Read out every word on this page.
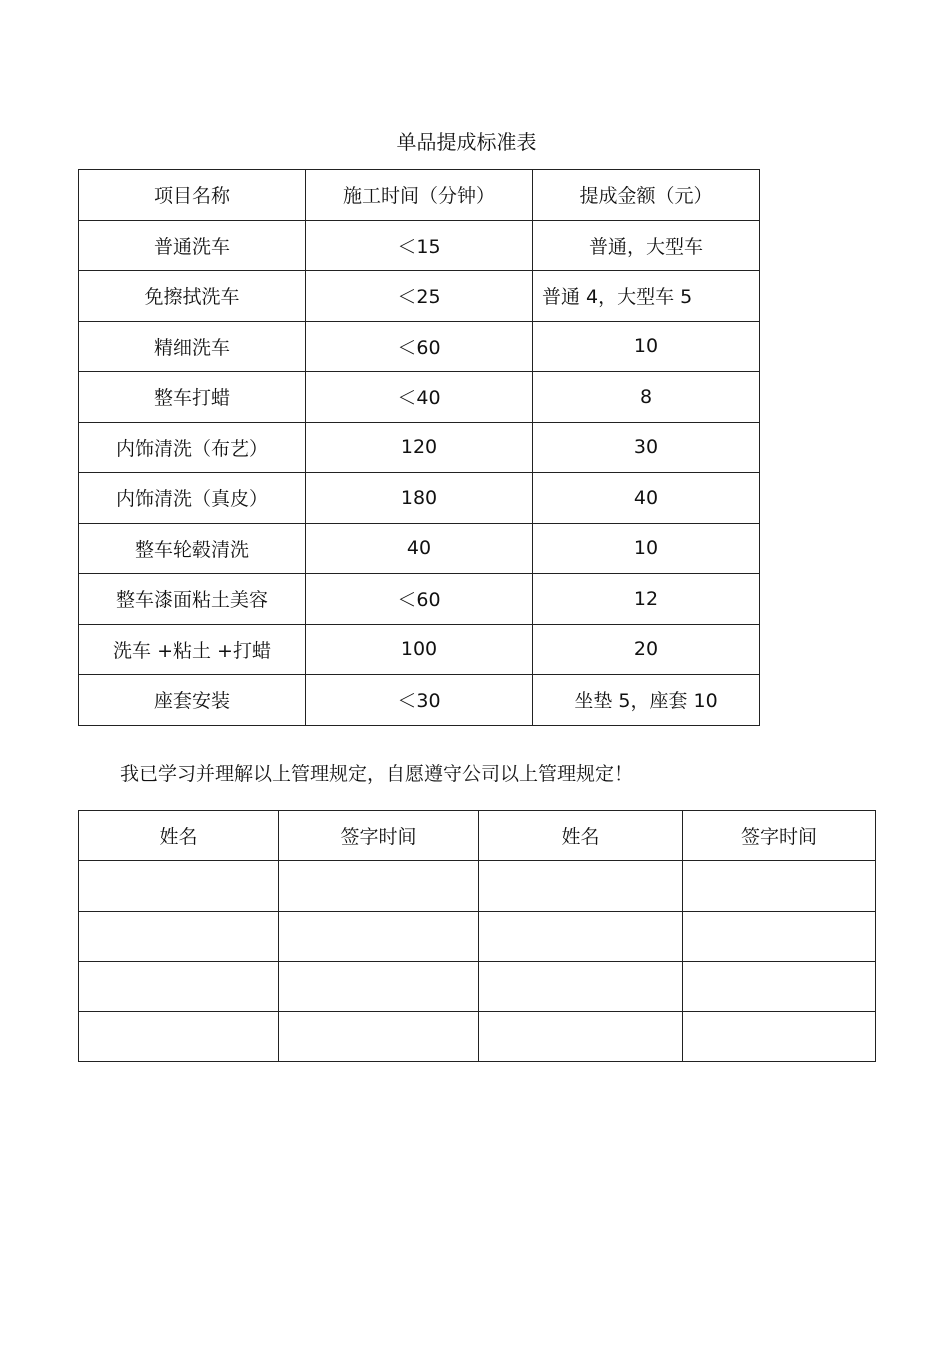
单品提成标准表
项目名称	施工时间（分钟）	提成金额（元）
普通洗车	＜15	普通，大型车
免擦拭洗车	＜25	普通 4，大型车 5
精细洗车	＜60	10
整车打蜡	＜40	8
内饰清洗（布艺）	120	30
内饰清洗（真皮）	180	40
整车轮毂清洗	40	10
整车漆面粘土美容	＜60	12
洗车 +粘土 +打蜡	100	20
座套安装	＜30	坐垫 5，座套 10
我已学习并理解以上管理规定，自愿遵守公司以上管理规定！
姓名	签字时间	姓名	签字时间
